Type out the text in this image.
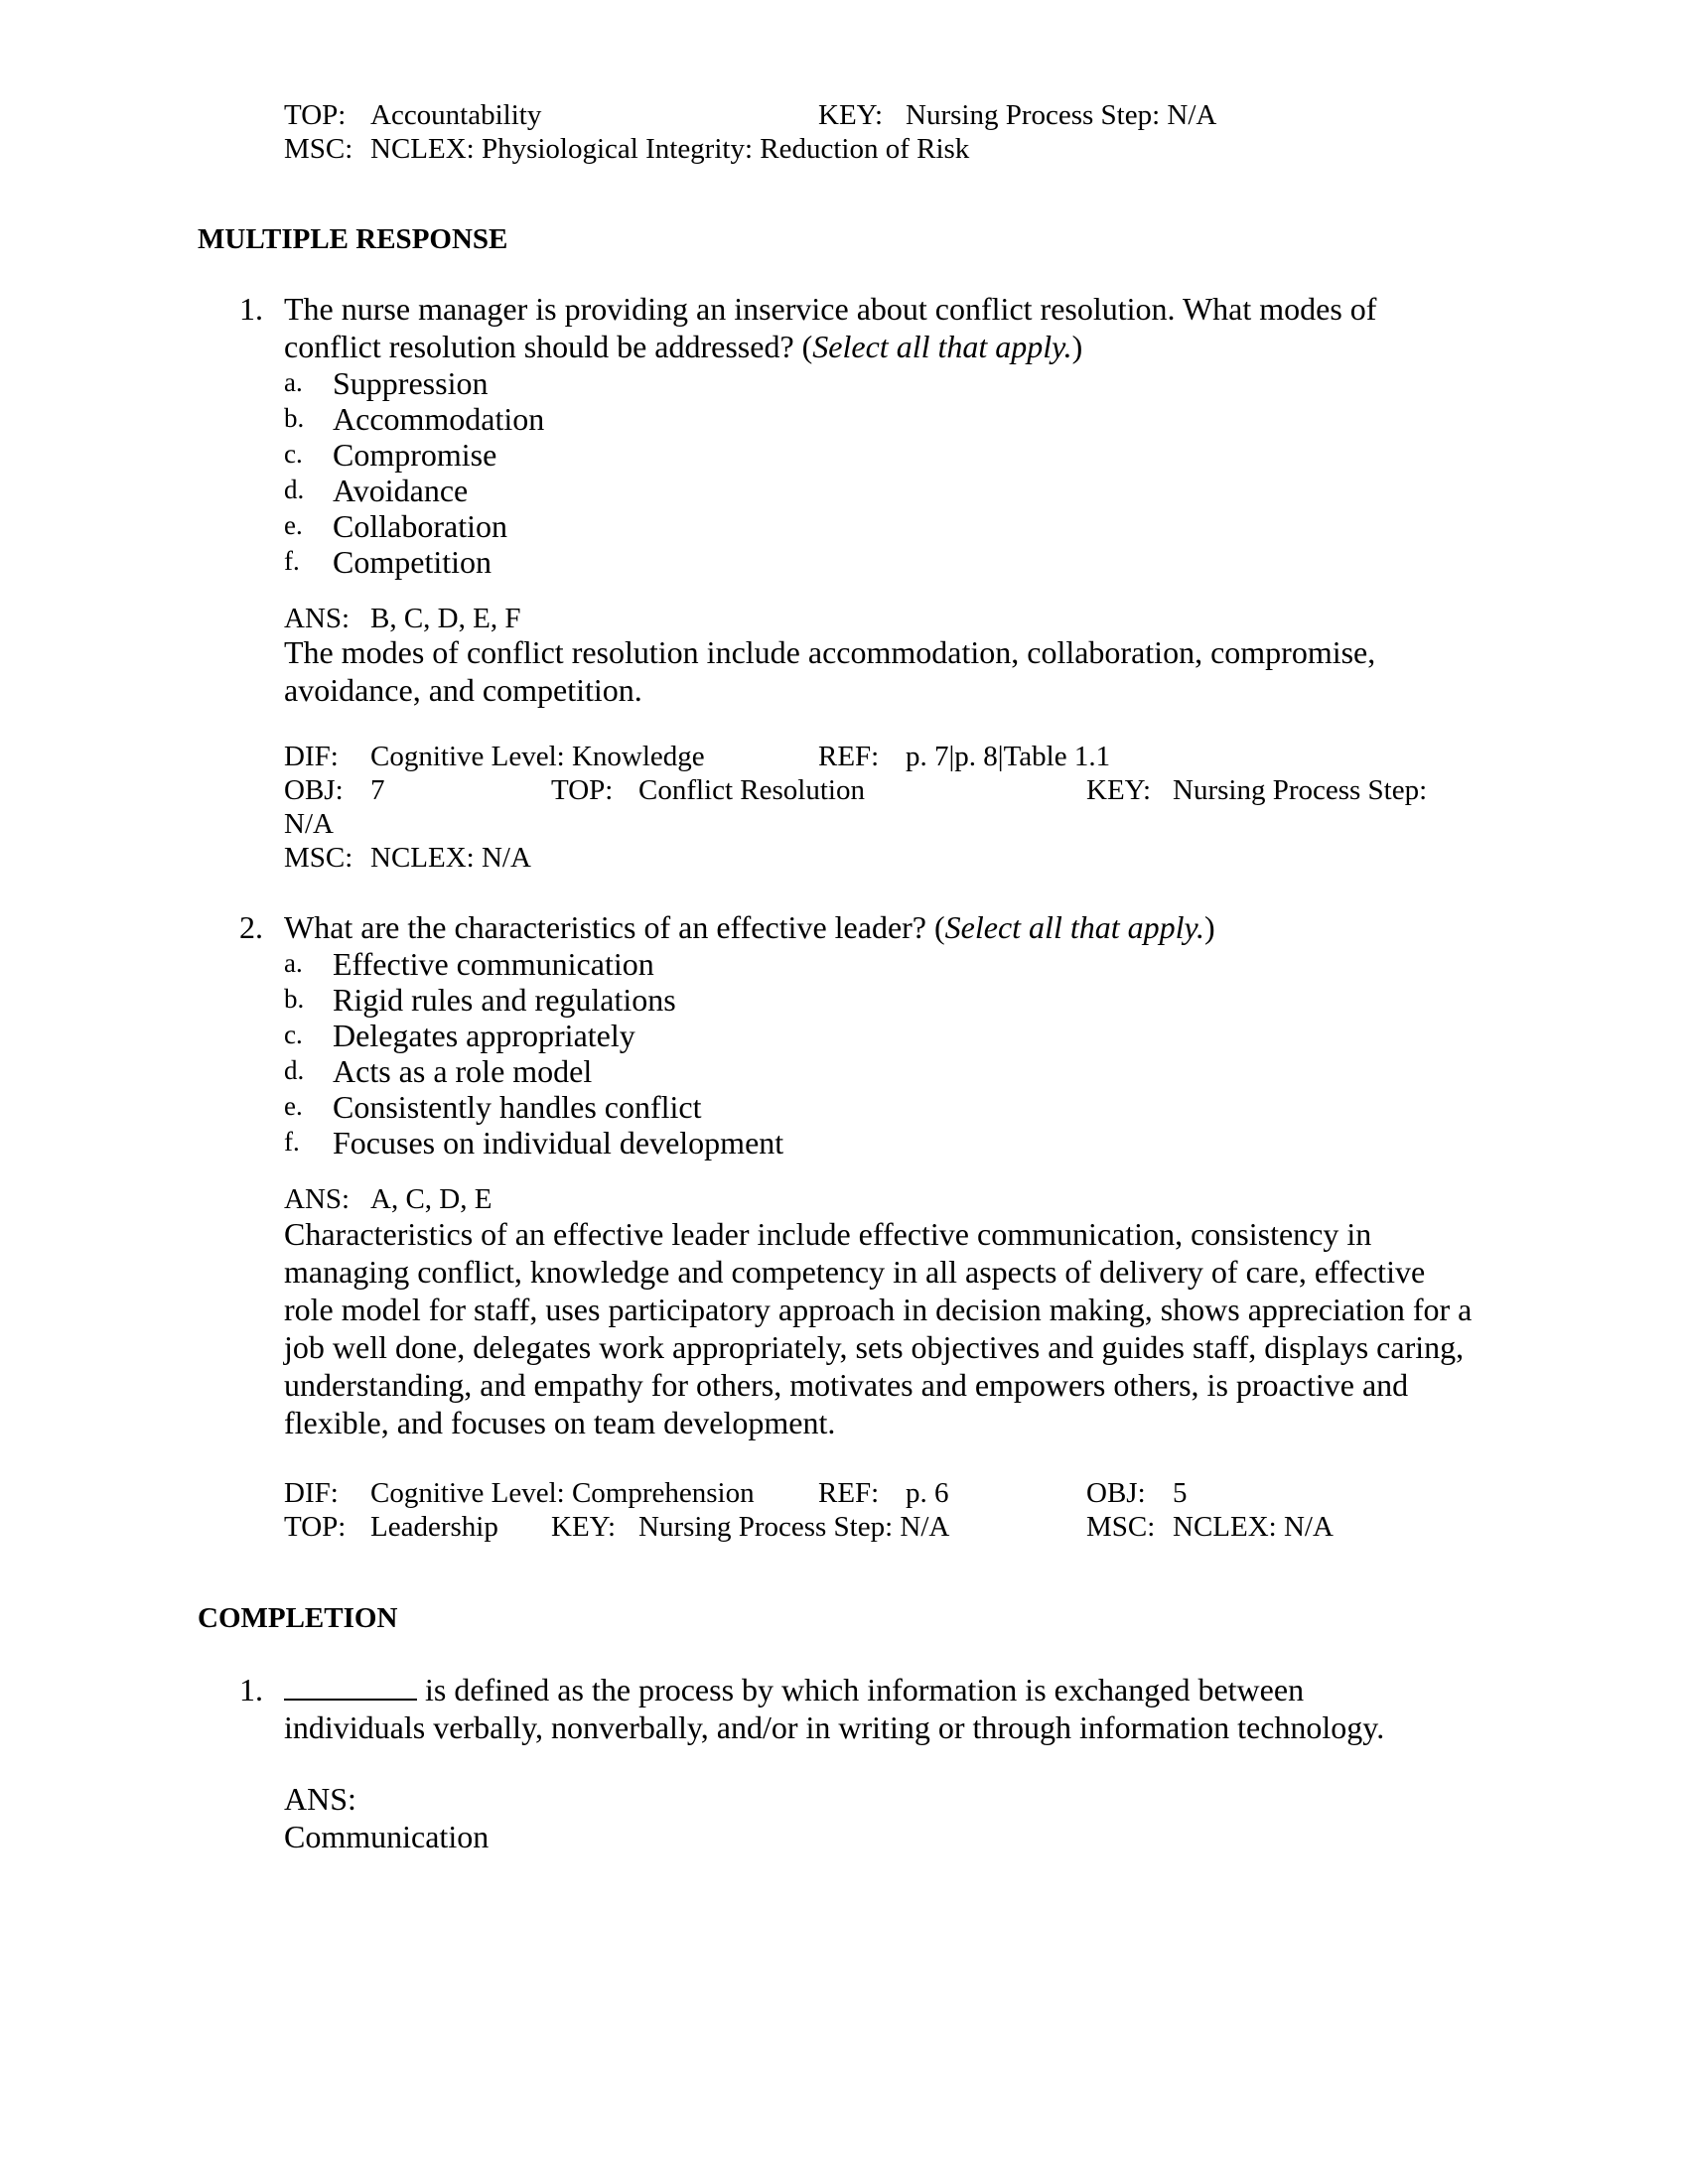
TOP: Accountability	KEY: Nursing Process Step: N/A
MSC: NCLEX: Physiological Integrity: Reduction of Risk
MULTIPLE RESPONSE
1. The nurse manager is providing an inservice about conflict resolution. What modes of conflict resolution should be addressed? (Select all that apply.)
a. Suppression
b. Accommodation
c. Compromise
d. Avoidance
e. Collaboration
f. Competition
ANS: B, C, D, E, F
The modes of conflict resolution include accommodation, collaboration, compromise, avoidance, and competition.
DIF: Cognitive Level: Knowledge	REF: p. 7|p. 8|Table 1.1
OBJ: 7	TOP: Conflict Resolution	KEY: Nursing Process Step:
N/A
MSC: NCLEX: N/A
2. What are the characteristics of an effective leader? (Select all that apply.)
a. Effective communication
b. Rigid rules and regulations
c. Delegates appropriately
d. Acts as a role model
e. Consistently handles conflict
f. Focuses on individual development
ANS: A, C, D, E
Characteristics of an effective leader include effective communication, consistency in managing conflict, knowledge and competency in all aspects of delivery of care, effective role model for staff, uses participatory approach in decision making, shows appreciation for a job well done, delegates work appropriately, sets objectives and guides staff, displays caring, understanding, and empathy for others, motivates and empowers others, is proactive and flexible, and focuses on team development.
DIF: Cognitive Level: Comprehension REF: p. 6	OBJ: 5
TOP: Leadership KEY: Nursing Process Step: N/A	MSC: NCLEX: N/A
COMPLETION
1.	is defined as the process by which information is exchanged between
individuals verbally, nonverbally, and/or in writing or through information technology.
ANS:
Communication
